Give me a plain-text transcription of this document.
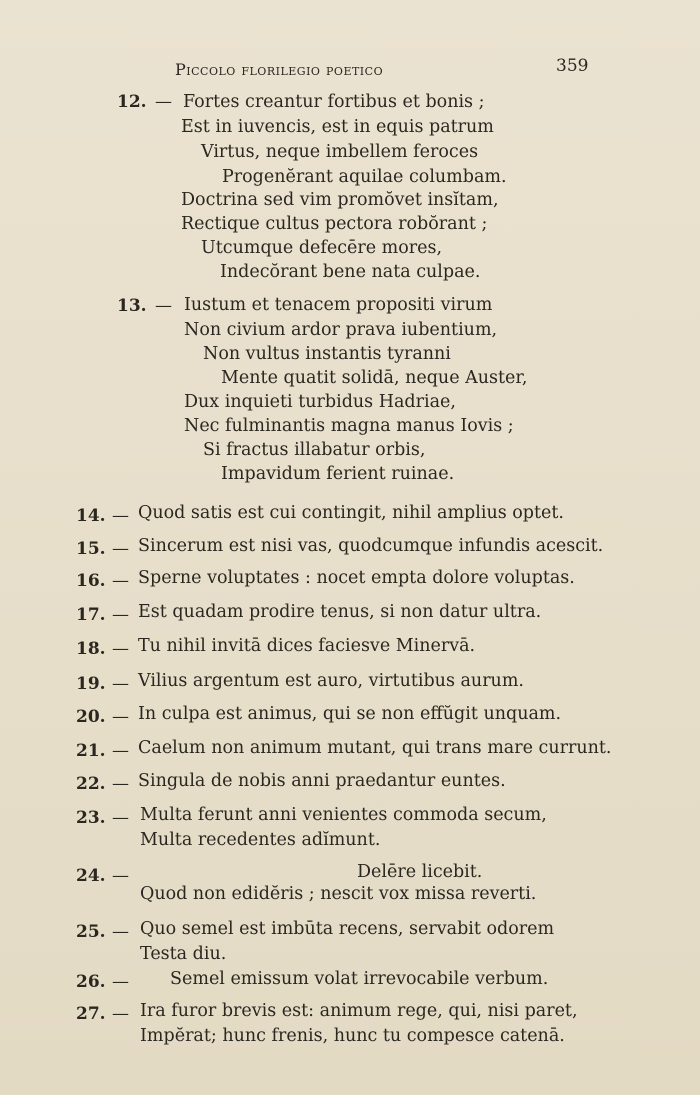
Piccolo florilegio poetico	359
12. — Fortes creantur fortibus et bonis ;
Est in iuvencis, est in equis patrum
Virtus, neque imbellem feroces
Progenĕrant aquilae columbam.
Doctrina sed vim promŏvet insĭtam,
Rectique cultus pectora robŏrant ;
Utcumque defecēre mores,
Indecŏrant bene nata culpae.
13. — Iustum et tenacem propositi virum
Non civium ardor prava iubentium,
Non vultus instantis tyranni
Mente quatit solidā, neque Auster,
Dux inquieti turbidus Hadriae,
Nec fulminantis magna manus Iovis ;
Si fractus illabatur orbis,
Impavidum ferient ruinae.
14. — Quod satis est cui contingit, nihil amplius optet.
15. — Sincerum est nisi vas, quodcumque infundis acescit.
16. — Sperne voluptates : nocet empta dolore voluptas.
17. — Est quadam prodire tenus, si non datur ultra.
18. — Tu nihil invitā dices faciesve Minervā.
19. — Vilius argentum est auro, virtutibus aurum.
20. — In culpa est animus, qui se non effŭgit unquam.
21. — Caelum non animum mutant, qui trans mare currunt.
22. — Singula de nobis anni praedantur euntes.
23. — Multa ferunt anni venientes commoda secum,
Multa recedentes adĭmunt.
24. —	Delēre licebit.
Quod non edidĕris ; nescit vox missa reverti.
25. — Quo semel est imbūta recens, servabit odorem
Testa diu.
26. — Semel emissum volat irrevocabile verbum.
27. — Ira furor brevis est: animum rege, qui, nisi paret,
Impĕrat; hunc frenis, hunc tu compesce catenā.
